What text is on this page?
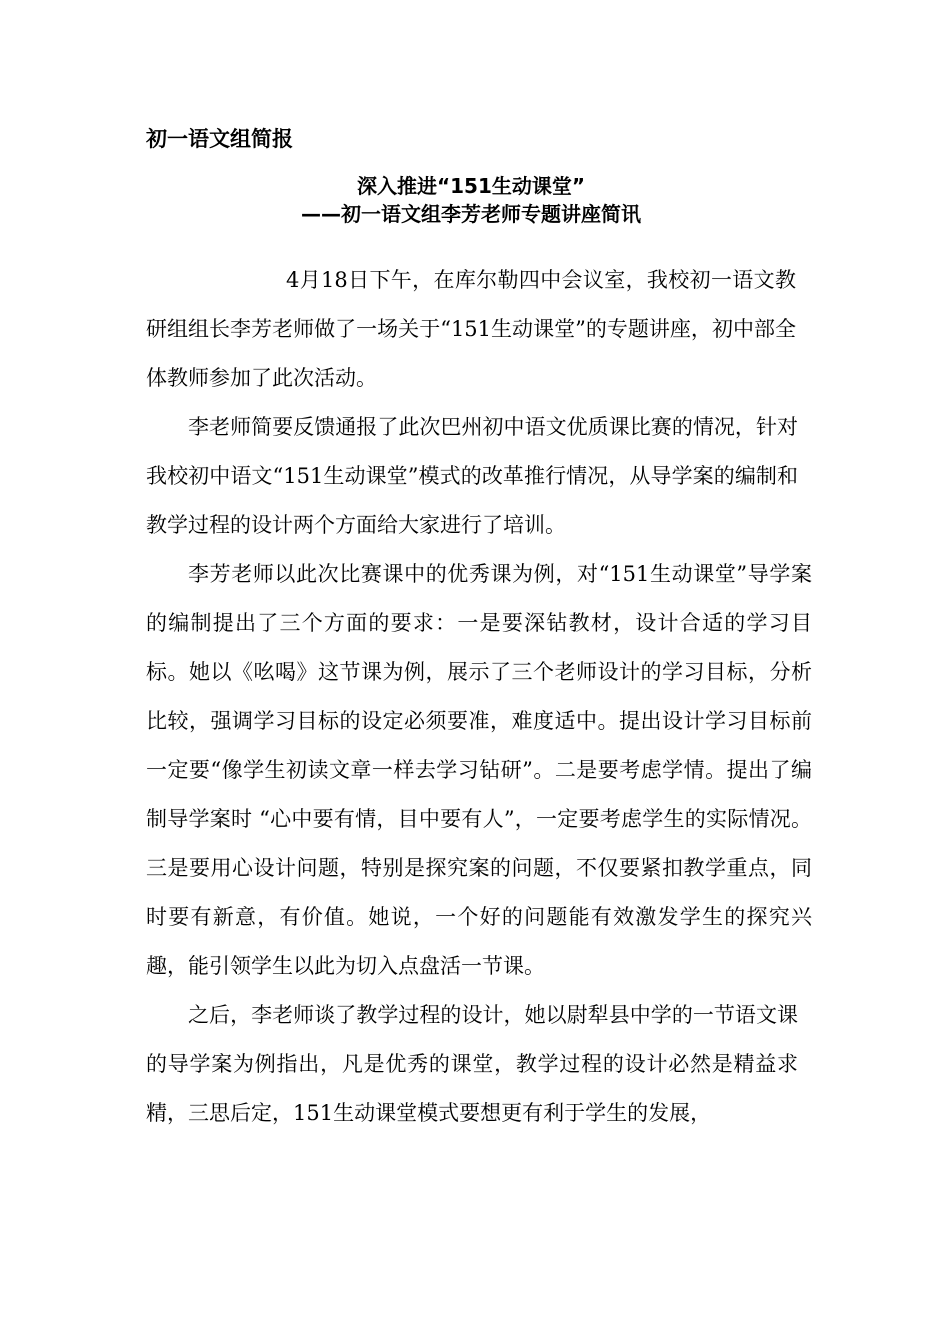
初一语文组简报
深入推进“151生动课堂”
——初一语文组李芳老师专题讲座简讯

4月18日下午，在库尔勒四中会议室，我校初一语文教研组组长李芳老师做了一场关于“151生动课堂”的专题讲座，初中部全体教师参加了此次活动。

李老师简要反馈通报了此次巴州初中语文优质课比赛的情况，针对我校初中语文“151生动课堂”模式的改革推行情况，从导学案的编制和教学过程的设计两个方面给大家进行了培训。

李芳老师以此次比赛课中的优秀课为例，对“151生动课堂”导学案的编制提出了三个方面的要求：一是要深钻教材，设计合适的学习目标。她以《吆喝》这节课为例，展示了三个老师设计的学习目标，分析比较，强调学习目标的设定必须要准，难度适中。提出设计学习目标前一定要“像学生初读文章一样去学习钻研”。二是要考虑学情。提出了编制导学案时 “心中要有情，目中要有人”，一定要考虑学生的实际情况。三是要用心设计问题，特别是探究案的问题，不仅要紧扣教学重点，同时要有新意，有价值。她说，一个好的问题能有效激发学生的探究兴趣，能引领学生以此为切入点盘活一节课。

之后，李老师谈了教学过程的设计，她以尉犁县中学的一节语文课的导学案为例指出，凡是优秀的课堂，教学过程的设计必然是精益求精，三思后定，151生动课堂模式要想更有利于学生的发展，
